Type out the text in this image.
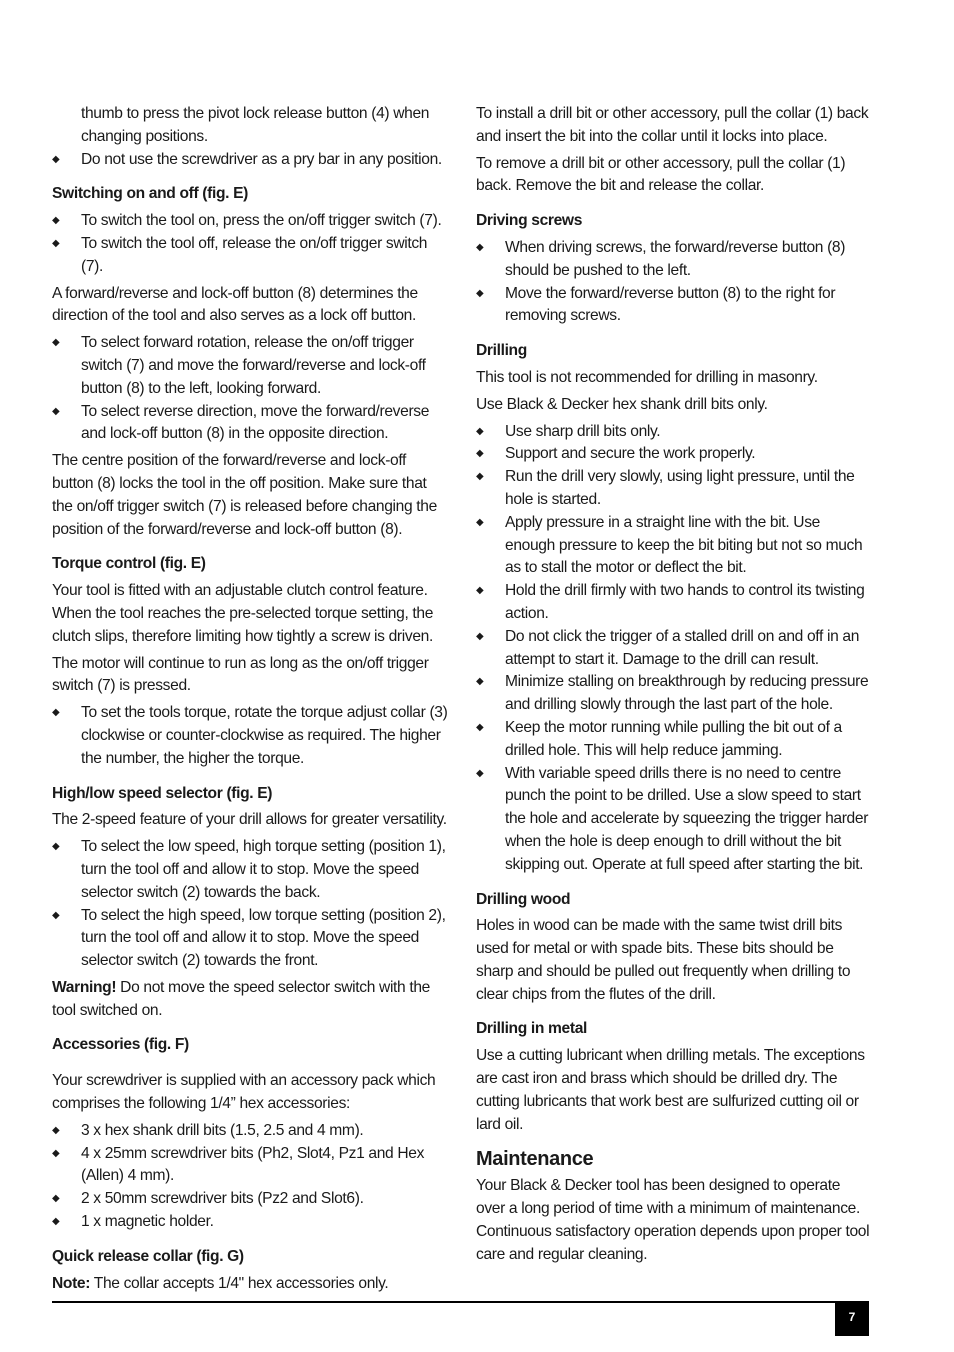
thumb to press the pivot lock release button (4) when changing positions.
◆ Do not use the screwdriver as a pry bar in any position.
Switching on and off (fig. E)
◆ To switch the tool on, press the on/off trigger switch (7).
◆ To switch the tool off, release the on/off trigger switch (7).

A forward/reverse and lock-off button (8) determines the direction of the tool and also serves as a lock off button.

◆ To select forward rotation, release the on/off trigger switch (7) and move the forward/reverse and lock-off button (8) to the left, looking forward.
◆ To select reverse direction, move the forward/reverse and lock-off button (8) in the opposite direction.

The centre position of the forward/reverse and lock-off button (8) locks the tool in the off position. Make sure that the on/off trigger switch (7) is released before changing the position of the forward/reverse and lock-off button (8).

Torque control (fig. E)

Your tool is fitted with an adjustable clutch control feature. When the tool reaches the pre-selected torque setting, the clutch slips, therefore limiting how tightly a screw is driven.

The motor will continue to run as long as the on/off trigger switch (7) is pressed.

◆ To set the tools torque, rotate the torque adjust collar (3) clockwise or counter-clockwise as required. The higher the number, the higher the torque.
High/low speed selector (fig. E)

The 2-speed feature of your drill allows for greater versatility.

◆ To select the low speed, high torque setting (position 1), turn the tool off and allow it to stop. Move the speed selector switch (2) towards the back.
◆ To select the high speed, low torque setting (position 2), turn the tool off and allow it to stop. Move the speed selector switch (2) towards the front.

Warning! Do not move the speed selector switch with the tool switched on.

Accessories (fig. F)

Your screwdriver is supplied with an accessory pack which comprises the following 1/4” hex accessories:

◆ 3 x hex shank drill bits (1.5, 2.5 and 4 mm).
◆ 4 x 25mm screwdriver bits (Ph2, Slot4, Pz1 and Hex (Allen) 4 mm).
◆ 2 x 50mm screwdriver bits (Pz2 and Slot6).
◆ 1 x magnetic holder.
Quick release collar (fig. G)

Note: The collar accepts 1/4" hex accessories only.

To install a drill bit or other accessory, pull the collar (1) back and insert the bit into the collar until it locks into place.

To remove a drill bit or other accessory, pull the collar (1) back. Remove the bit and release the collar.

Driving screws
◆ When driving screws, the forward/reverse button (8) should be pushed to the left.
◆ Move the forward/reverse button (8) to the right for removing screws.
Drilling

This tool is not recommended for drilling in masonry.

Use Black & Decker hex shank drill bits only.

◆ Use sharp drill bits only.
◆ Support and secure the work properly.
◆ Run the drill very slowly, using light pressure, until the hole is started.
◆ Apply pressure in a straight line with the bit. Use enough pressure to keep the bit biting but not so much as to stall the motor or deflect the bit.
◆ Hold the drill firmly with two hands to control its twisting action.
◆ Do not click the trigger of a stalled drill on and off in an attempt to start it. Damage to the drill can result.
◆ Minimize stalling on breakthrough by reducing pressure and drilling slowly through the last part of the hole.
◆ Keep the motor running while pulling the bit out of a drilled hole. This will help reduce jamming.
◆ With variable speed drills there is no need to centre punch the point to be drilled. Use a slow speed to start the hole and accelerate by squeezing the trigger harder when the hole is deep enough to drill without the bit skipping out. Operate at full speed after starting the bit.
Drilling wood

Holes in wood can be made with the same twist drill bits used for metal or with spade bits. These bits should be sharp and should be pulled out frequently when drilling to clear chips from the flutes of the drill.

Drilling in metal

Use a cutting lubricant when drilling metals. The exceptions are cast iron and brass which should be drilled dry. The cutting lubricants that work best are sulfurized cutting oil or lard oil.

Maintenance

Your Black & Decker tool has been designed to operate over a long period of time with a minimum of maintenance. Continuous satisfactory operation depends upon proper tool care and regular cleaning.

7
